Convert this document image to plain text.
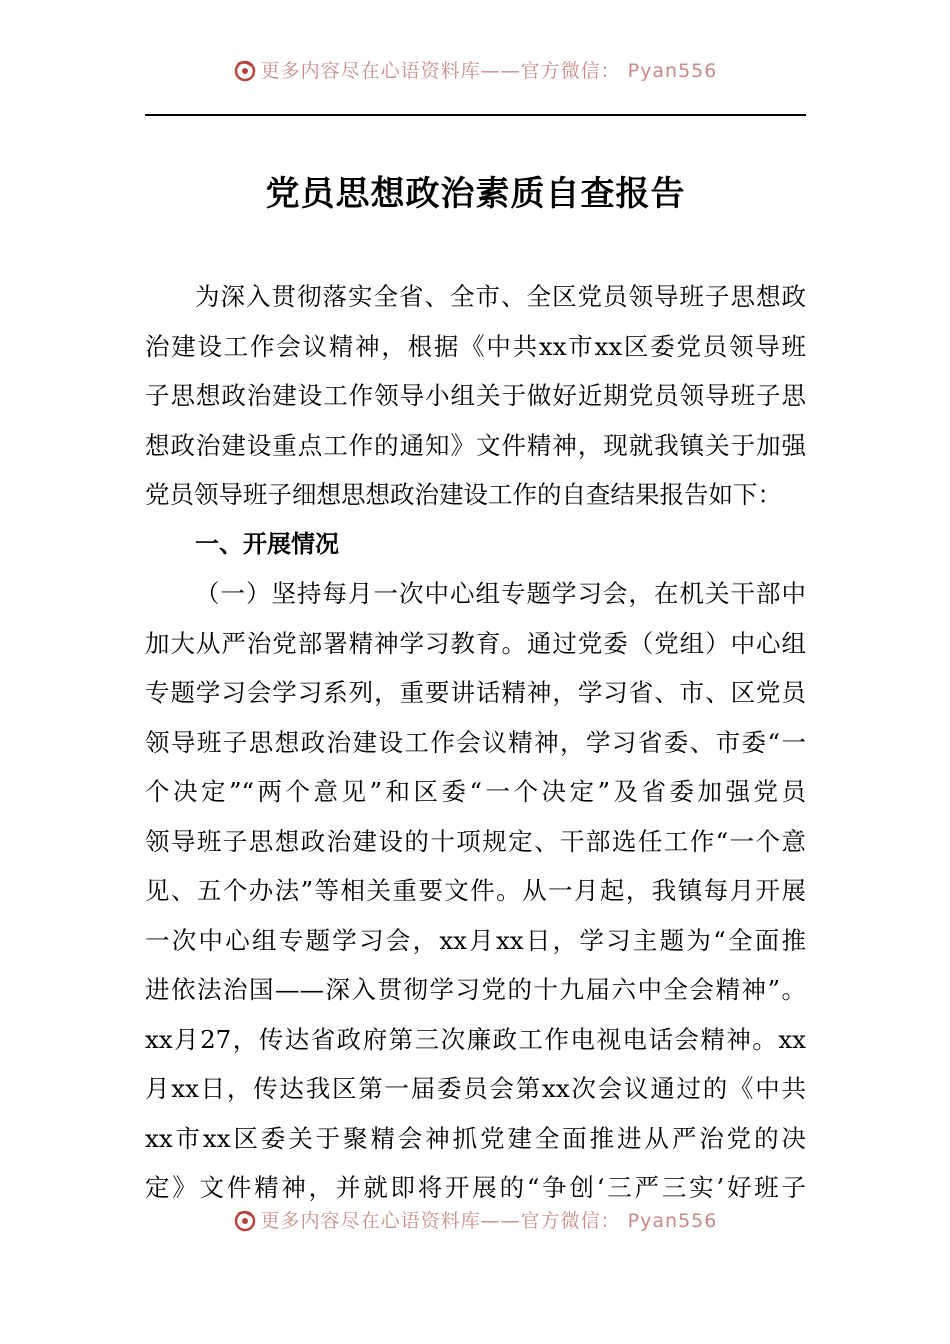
更多内容尽在心语资料库——官方微信： Pyan556
党员思想政治素质自查报告
为深入贯彻落实全省、全市、全区党员领导班子思想政
治建设工作会议精神，根据《中共xx市xx区委党员领导班
子思想政治建设工作领导小组关于做好近期党员领导班子思
想政治建设重点工作的通知》文件精神，现就我镇关于加强
党员领导班子细想思想政治建设工作的自查结果报告如下：
一、开展情况
（一）坚持每月一次中心组专题学习会，在机关干部中
加大从严治党部署精神学习教育。通过党委（党组）中心组
专题学习会学习系列，重要讲话精神，学习省、市、区党员
领导班子思想政治建设工作会议精神，学习省委、市委“一
个决定”“两个意见”和区委“一个决定”及省委加强党员
领导班子思想政治建设的十项规定、干部选任工作“一个意
见、五个办法”等相关重要文件。从一月起，我镇每月开展
一次中心组专题学习会，xx月xx日，学习主题为“全面推
进依法治国——深入贯彻学习党的十九届六中全会精神”。
xx月27，传达省政府第三次廉政工作电视电话会精神。xx
月xx日，传达我区第一届委员会第xx次会议通过的《中共
xx市xx区委关于聚精会神抓党建全面推进从严治党的决
定》文件精神，并就即将开展的“争创‘三严三实’好班子
更多内容尽在心语资料库——官方微信： Pyan556
